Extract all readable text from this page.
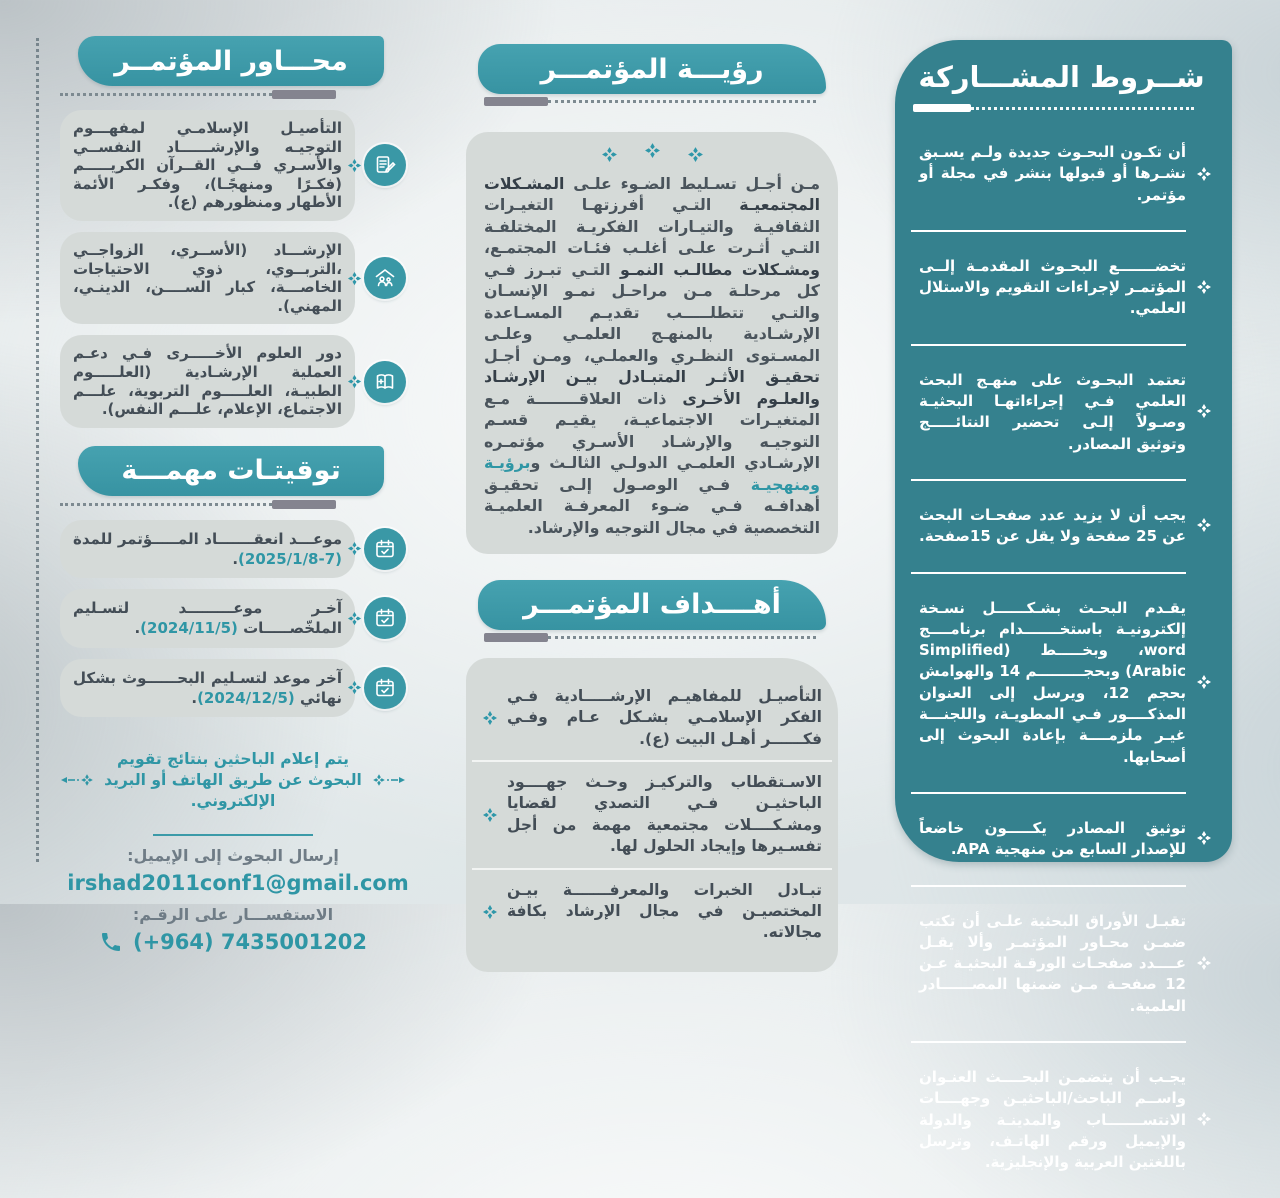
محـــاور المؤتمــر

التأصيـل الإسلامـي لمفهـــوم التوجيـه والإرشــــــاد النفســي والأسـري فــي القــرآن الكريـــــم (فكـرًا ومنهجًـا)، وفكـر الأئمة الأطهار ومنظورهم (ع).

الإرشـــاد (الأســري، الزواجــي ،التربــوي، ذوي الاحتياجات الخاصـــة، كبار الســــن، الدينـي، المهني).

دور العلوم الأخـــــرى فـي دعـم العملية الإرشـادية (العلـــــوم الطبيـة، العلـــــوم التربوية، علـــم الاجتماع، الإعلام، علـــم النفس).

توقيتـات مهمـــة

موعـــد انعقـــــــاد المـــــؤتمر للمدة (2025/1/8-7).

آخـر موعـــــــــد لتسـليم الملخّصـــــات (2024/11/5).

آخر موعد لتسـليم البحــــــوث بشكل نهائي (2024/12/5).

يتم إعلام الباحثين بنتائج تقويم البحوث عن طريق الهاتف أو البريد الإلكتروني.

إرسال البحوث إلى الإيميل:
irshad2011conf1@gmail.com
الاستفســـار على الرقـم:
(+964) 7435001202
رؤيـــة المؤتمـــر

مـن أجـل تسـليط الضـوء علـى المشـكلات المجتمعيـة التـي أفرزتهـا التغيـرات الثقافيـة والتيـارات الفكريـة المختلفـة التـي أثـرت علـى أغلـب فئـات المجتمـع، ومشـكلات مطالـب النمـو التـي تبـرز فـي كل مرحلـة مـن مراحـل نمـو الإنسـان والتـي تتطلـــــب تقديـم المسـاعدة الإرشـادية بالمنهـج العلمـي وعلـى المسـتوى النظـري والعملـي، ومـن أجـل تحقيـق الأثـر المتبـادل بيـن الإرشـاد والعلـوم الأخـرى ذات العلاقــــــــة مـع المتغيـرات الاجتماعيـة، يقيـم قسـم التوجيـه والإرشـاد الأسـري مؤتمـره الإرشـادي العلمـي الدولـي الثالـث وبرؤيـة ومنهجيـة فـي الوصـول إلـى تحقيـق أهدافـه فـي ضـوء المعرفـة العلميـة التخصصية في مجال التوجيه والإرشاد.

أهــــداف المؤتمـــر

التأصيـل للمفاهيـم الإرشـــــادية فـي الفكر الإسلامـي بشـكل عـام وفـي فكــــــر أهـل البيت (ع).

الاسـتقطاب والتركيـز وحـث جهــــود الباحثيـن فـي التصدي لقضايا ومشـكــــلات مجتمعية مهمة من أجل تفسـيرها وإيجاد الحلول لها.

تبـادل الخبرات والمعرفـــــــة بيـن المختصيـن في مجال الإرشاد بكافة مجالاته.

شــروط المشـــاركة

أن تكـون البحـوث جديدة ولـم يسـبق نشـرها أو قبولها بنشر في مجلة أو مؤتمر.

تخضـــــــع البحـوث المقدمـة إلــى المؤتمـر لإجراءات التقويم والاستلال العلمي.

تعتمد البحـوث على منهـج البحث العلمي فـي إجراءاتهـا البحثيـة وصـولاً إلـى تحضير النتائـــــج وتوثيق المصادر.

يجب أن لا يزيد عدد صفحـات البحث عن 25 صفحة ولا يقل عن 15صفحة.

يقـدم البحـث بشـكــــــل نسـخة إلكترونيـة باستخـــــــدام برنامــــج word، وبخـــــط (Simplified Arabic) وبحجـــــــــم 14 والهوامش بحجم 12، ويرسل إلى العنوان المذكــــور فـي المطويـة، واللجنـــة غيـر ملزمــــة بإعادة البحوث إلى أصحابها.

توثيق المصادر يكـــــون خاضعاً للإصدار السابع من منهجية APA.

تقبـل الأوراق البحثية علـى أن تكتب ضمـن محـاور المؤتمـر وألا يقـل عــــدد صفحـات الورقـة البحثيـة عـن 12 صفحـة مـن ضمنها المصــــــادر العلمية.

يجـب أن يتضمـن البحــــث العنـوان واســم الباحث/الباحثيـن وجهــــات الانتســـــــاب والمدينـة والدولة والإيميل ورقم الهاتـف، وترسل باللغتين العربية والإنجليزية.
